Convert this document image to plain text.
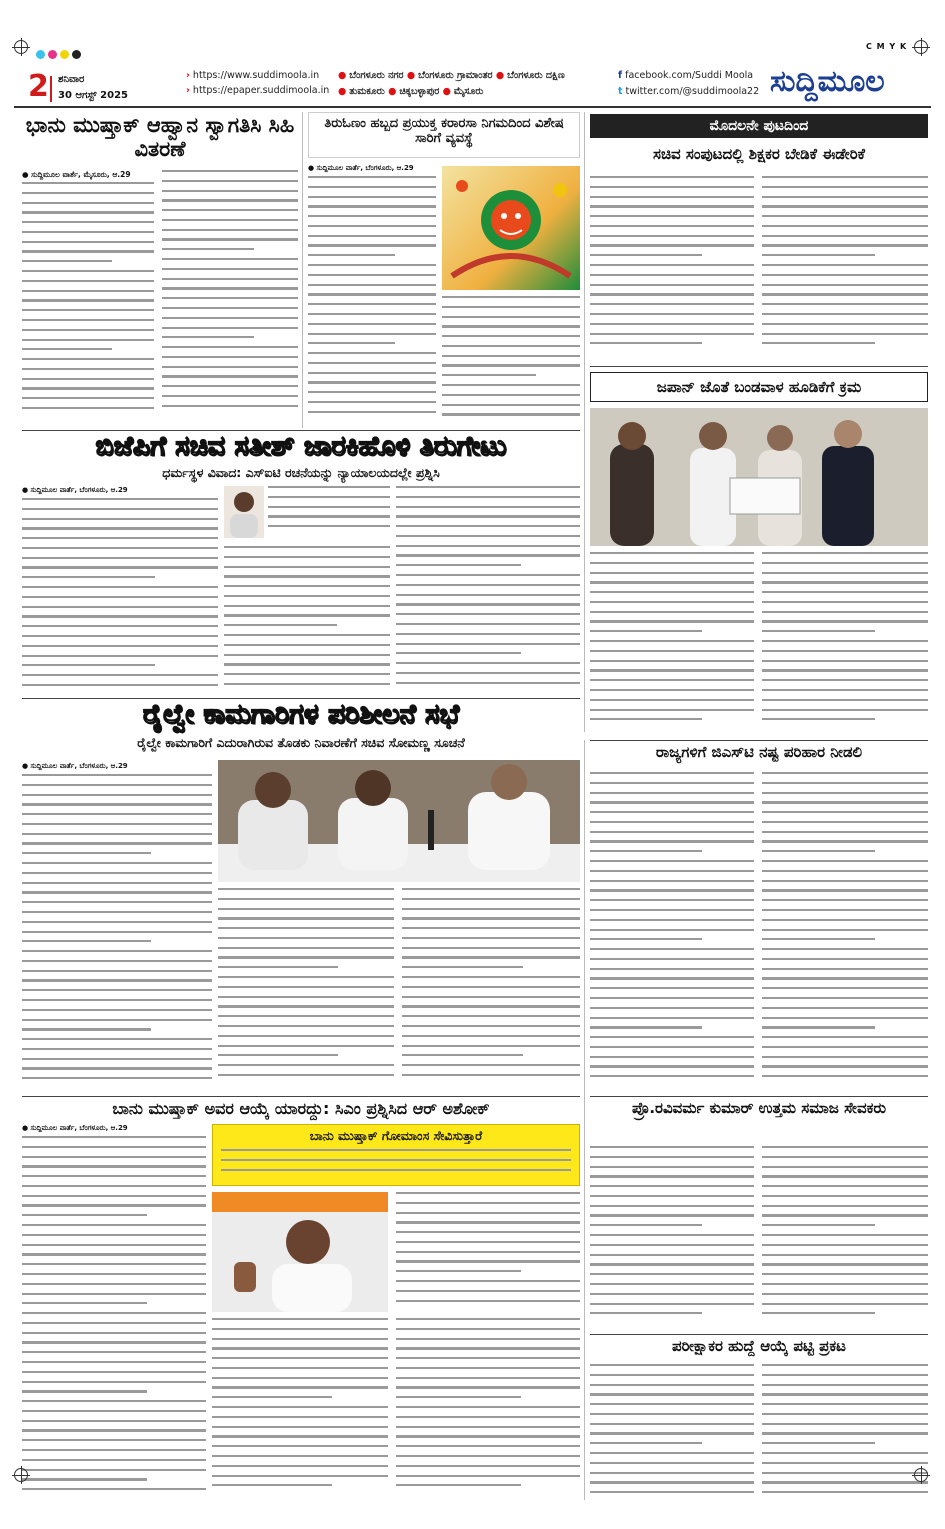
C M Y K
2 ಶನಿವಾರ
30 ಆಗಸ್ಟ್ 2025
› https://www.suddimoola.in
› https://epaper.suddimoola.in
● ಬೆಂಗಳೂರು ನಗರ ● ಬೆಂಗಳೂರು ಗ್ರಾಮಾಂತರ ● ಬೆಂಗಳೂರು ದಕ್ಷಿಣ
● ತುಮಕೂರು ● ಚಿಕ್ಕಬಳ್ಳಾಪುರ ● ಮೈಸೂರು
f facebook.com/Suddi Moola
t twitter.com/@suddimoola22 ಸುದ್ದಿಮೂಲ
ಭಾನು ಮುಷ್ತಾಕ್ ಆಹ್ವಾನ ಸ್ವಾಗತಿಸಿ ಸಿಹಿ ವಿತರಣೆ
● ಸುದ್ದಿಮೂಲ ವಾರ್ತೆ, ಮೈಸೂರು, ಆ.29
ತಿರುಓಣಂ ಹಬ್ಬದ ಪ್ರಯುಕ್ತ ಕರಾರಸಾ ನಿಗಮದಿಂದ ವಿಶೇಷ ಸಾರಿಗೆ ವ್ಯವಸ್ಥೆ
● ಸುದ್ದಿಮೂಲ ವಾರ್ತೆ, ಬೆಂಗಳೂರು, ಆ.29
ಮೊದಲನೇ ಪುಟದಿಂದ
ಸಚಿವ ಸಂಪುಟದಲ್ಲಿ ಶಿಕ್ಷಕರ ಬೇಡಿಕೆ ಈಡೇರಿಕೆ
ಜಪಾನ್ ಜೊತೆ ಬಂಡವಾಳ ಹೂಡಿಕೆಗೆ ಕ್ರಮ
ಬಿಜೆಪಿಗೆ ಸಚಿವ ಸತೀಶ್ ಜಾರಕಿಹೊಳಿ ತಿರುಗೇಟು
ಧರ್ಮಸ್ಥಳ ವಿವಾದ: ಎಸ್ಐಟಿ ರಚನೆಯನ್ನು ನ್ಯಾಯಾಲಯದಲ್ಲೇ ಪ್ರಶ್ನಿಸಿ
● ಸುದ್ದಿಮೂಲ ವಾರ್ತೆ, ಬೆಂಗಳೂರು, ಆ.29
ರೈಲ್ವೇ ಕಾಮಗಾರಿಗಳ ಪರಿಶೀಲನೆ ಸಭೆ
ರೈಲ್ವೇ ಕಾಮಗಾರಿಗೆ ಎದುರಾಗಿರುವ ತೊಡಕು ನಿವಾರಣೆಗೆ ಸಚಿವ ಸೋಮಣ್ಣ ಸೂಚನೆ
● ಸುದ್ದಿಮೂಲ ವಾರ್ತೆ, ಬೆಂಗಳೂರು, ಆ.29
ರಾಜ್ಯಗಳಿಗೆ ಜಿಎಸ್‌ಟಿ ನಷ್ಟ ಪರಿಹಾರ ನೀಡಲಿ
ಬಾನು ಮುಷ್ತಾಕ್ ಅವರ ಆಯ್ಕೆ ಯಾರದ್ದು: ಸಿಎಂ ಪ್ರಶ್ನಿಸಿದ ಆರ್ ಅಶೋಕ್
● ಸುದ್ದಿಮೂಲ ವಾರ್ತೆ, ಬೆಂಗಳೂರು, ಆ.29	ಬಾನು ಮುಷ್ತಾಕ್ ಗೋಮಾಂಸ ಸೇವಿಸುತ್ತಾರೆ
ಪ್ರೊ.ರವಿವರ್ಮ ಕುಮಾರ್ ಉತ್ತಮ ಸಮಾಜ ಸೇವಕರು
ಪರೀಕ್ಷಾಕರ ಹುದ್ದೆ ಆಯ್ಕೆ ಪಟ್ಟಿ ಪ್ರಕಟ
